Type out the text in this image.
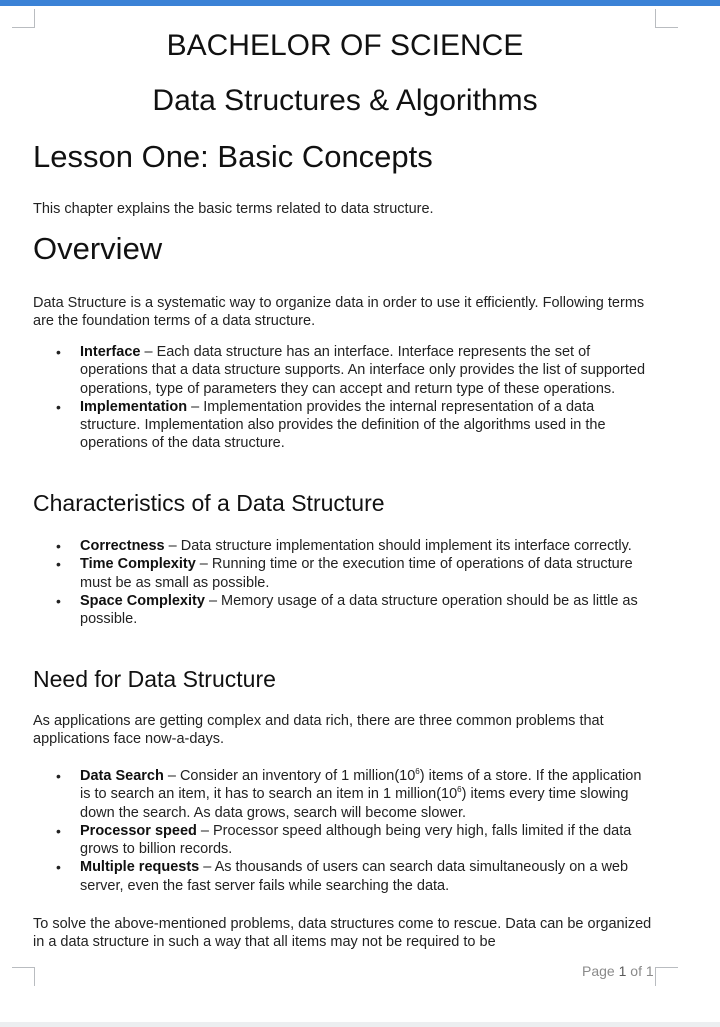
BACHELOR OF SCIENCE
Data Structures & Algorithms
Lesson One: Basic Concepts

This chapter explains the basic terms related to data structure.

Overview

Data Structure is a systematic way to organize data in order to use it efficiently. Following terms are the foundation terms of a data structure.

• Interface – Each data structure has an interface. Interface represents the set of operations that a data structure supports. An interface only provides the list of supported operations, type of parameters they can accept and return type of these operations.
• Implementation – Implementation provides the internal representation of a data structure. Implementation also provides the definition of the algorithms used in the operations of the data structure.
Characteristics of a Data Structure
• Correctness – Data structure implementation should implement its interface correctly.
• Time Complexity – Running time or the execution time of operations of data structure must be as small as possible.
• Space Complexity – Memory usage of a data structure operation should be as little as possible.
Need for Data Structure

As applications are getting complex and data rich, there are three common problems that applications face now-a-days.

• Data Search – Consider an inventory of 1 $million(10^6)$ items of a store. If the application is to search an item, it has to search an item in 1 $million(10^6)$ items every time slowing down the search. As data grows, search will become slower.
• Processor speed – Processor speed although being very high, falls limited if the data grows to billion records.
• Multiple requests – As thousands of users can search data simultaneously on a web server, even the fast server fails while searching the data.

To solve the above-mentioned problems, data structures come to rescue. Data can be organized in a data structure in such a way that all items may not be required to be

Page 1 of 1
